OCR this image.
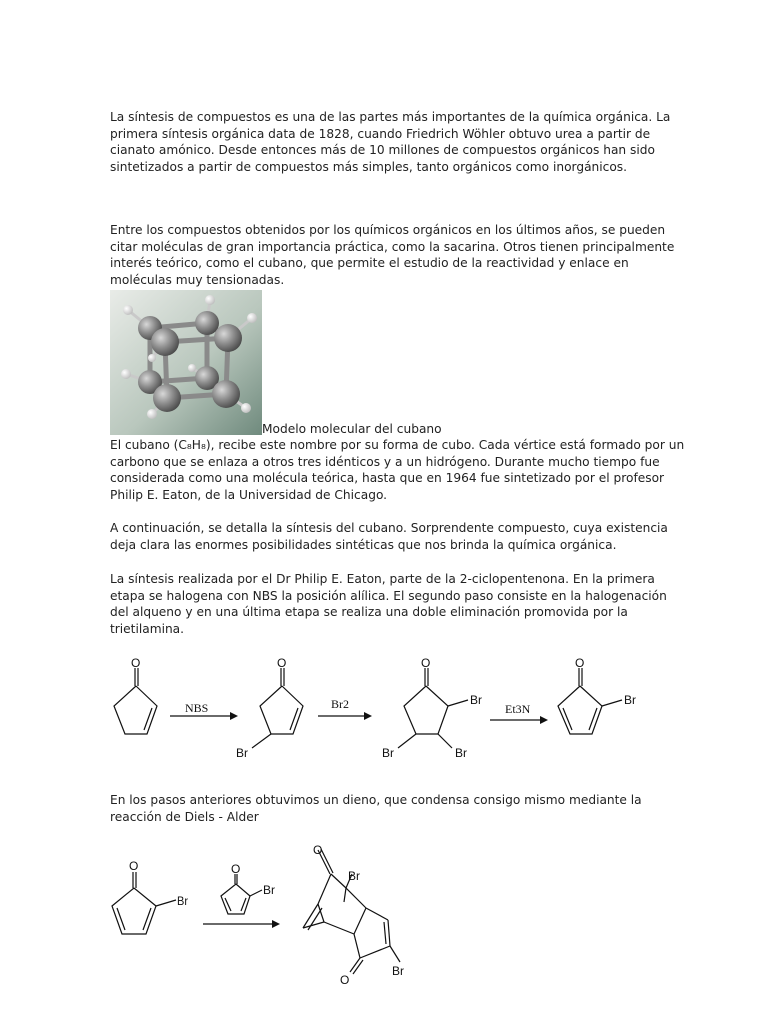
La síntesis de compuestos es una de las partes más importantes de la química orgánica. La
primera síntesis orgánica data de 1828, cuando Friedrich Wöhler obtuvo urea a partir de
cianato amónico. Desde entonces más de 10 millones de compuestos orgánicos han sido
sintetizados a partir de compuestos más simples, tanto orgánicos como inorgánicos.
Entre los compuestos obtenidos por los químicos orgánicos en los últimos años, se pueden
citar moléculas de gran importancia práctica, como la sacarina. Otros tienen principalmente
interés teórico, como el cubano, que permite el estudio de la reactividad y enlace en
moléculas muy tensionadas.
Modelo molecular del cubano
El cubano (C₈H₈), recibe este nombre por su forma de cubo. Cada vértice está formado por un
carbono que se enlaza a otros tres idénticos y a un hidrógeno. Durante mucho tiempo fue
considerada como una molécula teórica, hasta que en 1964 fue sintetizado por el profesor
Philip E. Eaton, de la Universidad de Chicago.
A continuación, se detalla la síntesis del cubano. Sorprendente compuesto, cuya existencia
deja clara las enormes posibilidades sintéticas que nos brinda la química orgánica.
La síntesis realizada por el Dr Philip E. Eaton, parte de la 2-ciclopentenona. En la primera
etapa se halogena con NBS la posición alílica. El segundo paso consiste en la halogenación
del alqueno y en una última etapa se realiza una doble eliminación promovida por la
trietilamina.
O	O	O	O
Br
Br
Br	Br
Br
NBS	Br2	Et3N
En los pasos anteriores obtuvimos un dieno, que condensa consigo mismo mediante la
reacción de Diels - Alder
O
Br
O
Br
O
Br
O
Br
